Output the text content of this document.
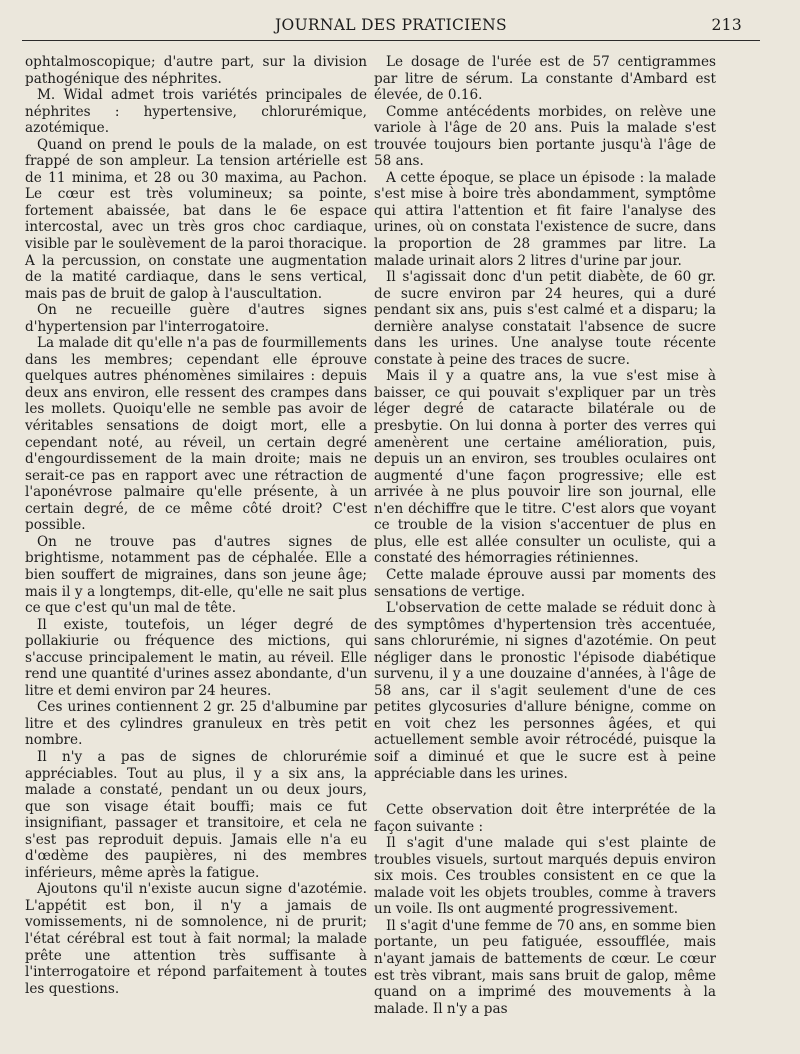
JOURNAL DES PRATICIENS	213

ophtalmoscopique; d'autre part, sur la division pathogénique des néphrites.

M. Widal admet trois variétés principales de néphrites : hypertensive, chlorurémique, azotémique.

Quand on prend le pouls de la malade, on est frappé de son ampleur. La tension artérielle est de 11 minima, et 28 ou 30 maxima, au Pachon. Le cœur est très volumineux; sa pointe, fortement abaissée, bat dans le 6e espace intercostal, avec un très gros choc cardiaque, visible par le soulèvement de la paroi thoracique. A la percussion, on constate une augmentation de la matité cardiaque, dans le sens vertical, mais pas de bruit de galop à l'auscultation.

On ne recueille guère d'autres signes d'hypertension par l'interrogatoire.

La malade dit qu'elle n'a pas de fourmillements dans les membres; cependant elle éprouve quelques autres phénomènes similaires : depuis deux ans environ, elle ressent des crampes dans les mollets. Quoiqu'elle ne semble pas avoir de véritables sensations de doigt mort, elle a cependant noté, au réveil, un certain degré d'engourdissement de la main droite; mais ne serait-ce pas en rapport avec une rétraction de l'aponévrose palmaire qu'elle présente, à un certain degré, de ce même côté droit? C'est possible.

On ne trouve pas d'autres signes de brightisme, notamment pas de céphalée. Elle a bien souffert de migraines, dans son jeune âge; mais il y a longtemps, dit-elle, qu'elle ne sait plus ce que c'est qu'un mal de tête.

Il existe, toutefois, un léger degré de pollakiurie ou fréquence des mictions, qui s'accuse principalement le matin, au réveil. Elle rend une quantité d'urines assez abondante, d'un litre et demi environ par 24 heures.

Ces urines contiennent 2 gr. 25 d'albumine par litre et des cylindres granuleux en très petit nombre.

Il n'y a pas de signes de chlorurémie appréciables. Tout au plus, il y a six ans, la malade a constaté, pendant un ou deux jours, que son visage était bouffi; mais ce fut insignifiant, passager et transitoire, et cela ne s'est pas reproduit depuis. Jamais elle n'a eu d'œdème des paupières, ni des membres inférieurs, même après la fatigue.

Ajoutons qu'il n'existe aucun signe d'azotémie. L'appétit est bon, il n'y a jamais de vomissements, ni de somnolence, ni de prurit; l'état cérébral est tout à fait normal; la malade prête une attention très suffisante à l'interrogatoire et répond parfaitement à toutes les questions.

Le dosage de l'urée est de 57 centigrammes par litre de sérum. La constante d'Ambard est élevée, de 0.16.

Comme antécédents morbides, on relève une variole à l'âge de 20 ans. Puis la malade s'est trouvée toujours bien portante jusqu'à l'âge de 58 ans.

A cette époque, se place un épisode : la malade s'est mise à boire très abondamment, symptôme qui attira l'attention et fit faire l'analyse des urines, où on constata l'existence de sucre, dans la proportion de 28 grammes par litre. La malade urinait alors 2 litres d'urine par jour.

Il s'agissait donc d'un petit diabète, de 60 gr. de sucre environ par 24 heures, qui a duré pendant six ans, puis s'est calmé et a disparu; la dernière analyse constatait l'absence de sucre dans les urines. Une analyse toute récente constate à peine des traces de sucre.

Mais il y a quatre ans, la vue s'est mise à baisser, ce qui pouvait s'expliquer par un très léger degré de cataracte bilatérale ou de presbytie. On lui donna à porter des verres qui amenèrent une certaine amélioration, puis, depuis un an environ, ses troubles oculaires ont augmenté d'une façon progressive; elle est arrivée à ne plus pouvoir lire son journal, elle n'en déchiffre que le titre. C'est alors que voyant ce trouble de la vision s'accentuer de plus en plus, elle est allée consulter un oculiste, qui a constaté des hémorragies rétiniennes.

Cette malade éprouve aussi par moments des sensations de vertige.

L'observation de cette malade se réduit donc à des symptômes d'hypertension très accentuée, sans chlorurémie, ni signes d'azotémie. On peut négliger dans le pronostic l'épisode diabétique survenu, il y a une douzaine d'années, à l'âge de 58 ans, car il s'agit seulement d'une de ces petites glycosuries d'allure bénigne, comme on en voit chez les personnes âgées, et qui actuellement semble avoir rétrocédé, puisque la soif a diminué et que le sucre est à peine appréciable dans les urines.

Cette observation doit être interprétée de la façon suivante :

Il s'agit d'une malade qui s'est plainte de troubles visuels, surtout marqués depuis environ six mois. Ces troubles consistent en ce que la malade voit les objets troubles, comme à travers un voile. Ils ont augmenté progressivement.

Il s'agit d'une femme de 70 ans, en somme bien portante, un peu fatiguée, essoufflée, mais n'ayant jamais de battements de cœur. Le cœur est très vibrant, mais sans bruit de galop, même quand on a imprimé des mouvements à la malade. Il n'y a pas
